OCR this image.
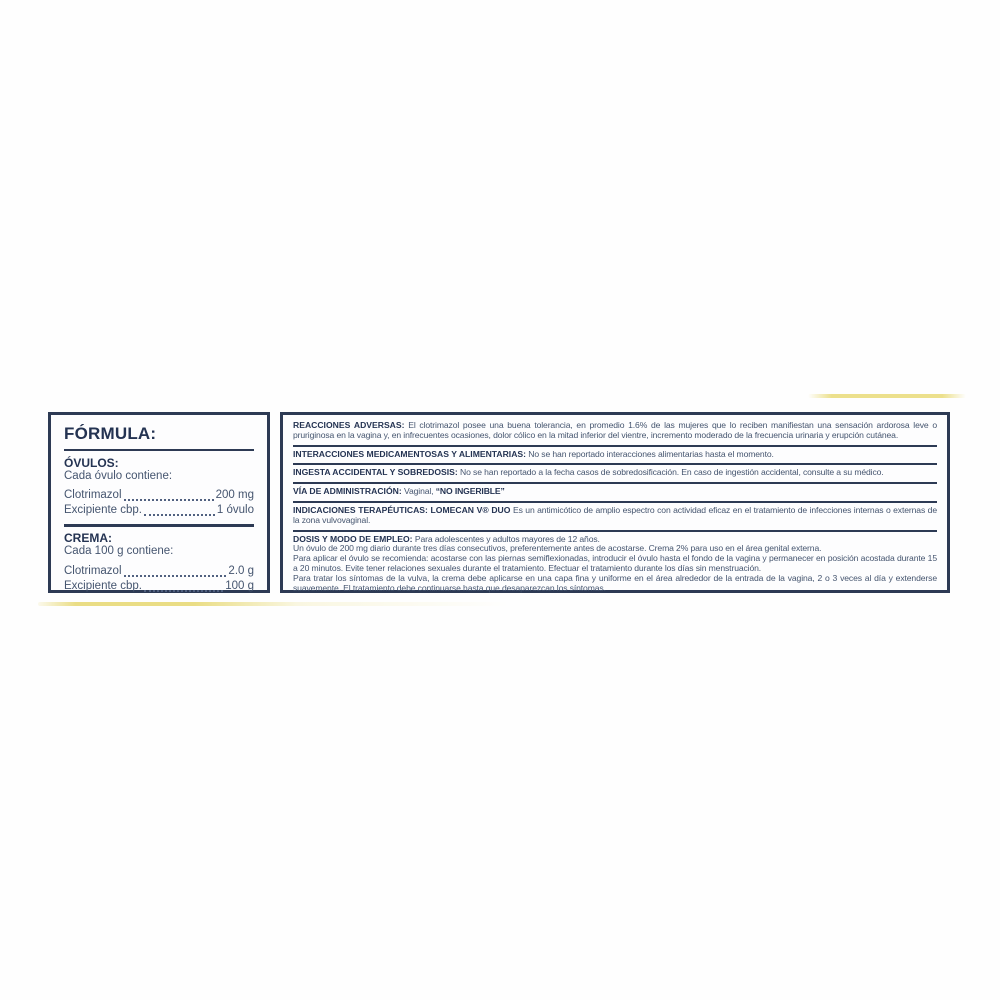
FÓRMULA:
ÓVULOS:
Cada óvulo contiene:
Clotrimazol	200 mg
Excipiente cbp.	1 óvulo
CREMA:
Cada 100 g contiene:
Clotrimazol	2.0 g
Excipiente cbp.	100 g
REACCIONES ADVERSAS: El clotrimazol posee una buena tolerancia, en promedio 1.6% de las mujeres que lo reciben manifiestan una sensación ardorosa leve o pruriginosa en la vagina y, en infrecuentes ocasiones, dolor cólico en la mitad inferior del vientre, incremento moderado de la frecuencia urinaria y erupción cutánea.
INTERACCIONES MEDICAMENTOSAS Y ALIMENTARIAS: No se han reportado interacciones alimentarias hasta el momento.
INGESTA ACCIDENTAL Y SOBREDOSIS: No se han reportado a la fecha casos de sobredosificación. En caso de ingestión accidental, consulte a su médico.
VÍA DE ADMINISTRACIÓN: Vaginal, “NO INGERIBLE”
INDICACIONES TERAPÉUTICAS: LOMECAN V® DUO Es un antimicótico de amplio espectro con actividad eficaz en el tratamiento de infecciones internas o externas de la zona vulvovaginal.

DOSIS Y MODO DE EMPLEO: Para adolescentes y adultos mayores de 12 años.

Un óvulo de 200 mg diario durante tres días consecutivos, preferentemente antes de acostarse. Crema 2% para uso en el área genital externa.

Para aplicar el óvulo se recomienda: acostarse con las piernas semiflexionadas, introducir el óvulo hasta el fondo de la vagina y permanecer en posición acostada durante 15 a 20 minutos. Evite tener relaciones sexuales durante el tratamiento. Efectuar el tratamiento durante los días sin menstruación.

Para tratar los síntomas de la vulva, la crema debe aplicarse en una capa fina y uniforme en el área alrededor de la entrada de la vagina, 2 o 3 veces al día y extenderse suavemente. El tratamiento debe continuarse hasta que desaparezcan los síntomas.
